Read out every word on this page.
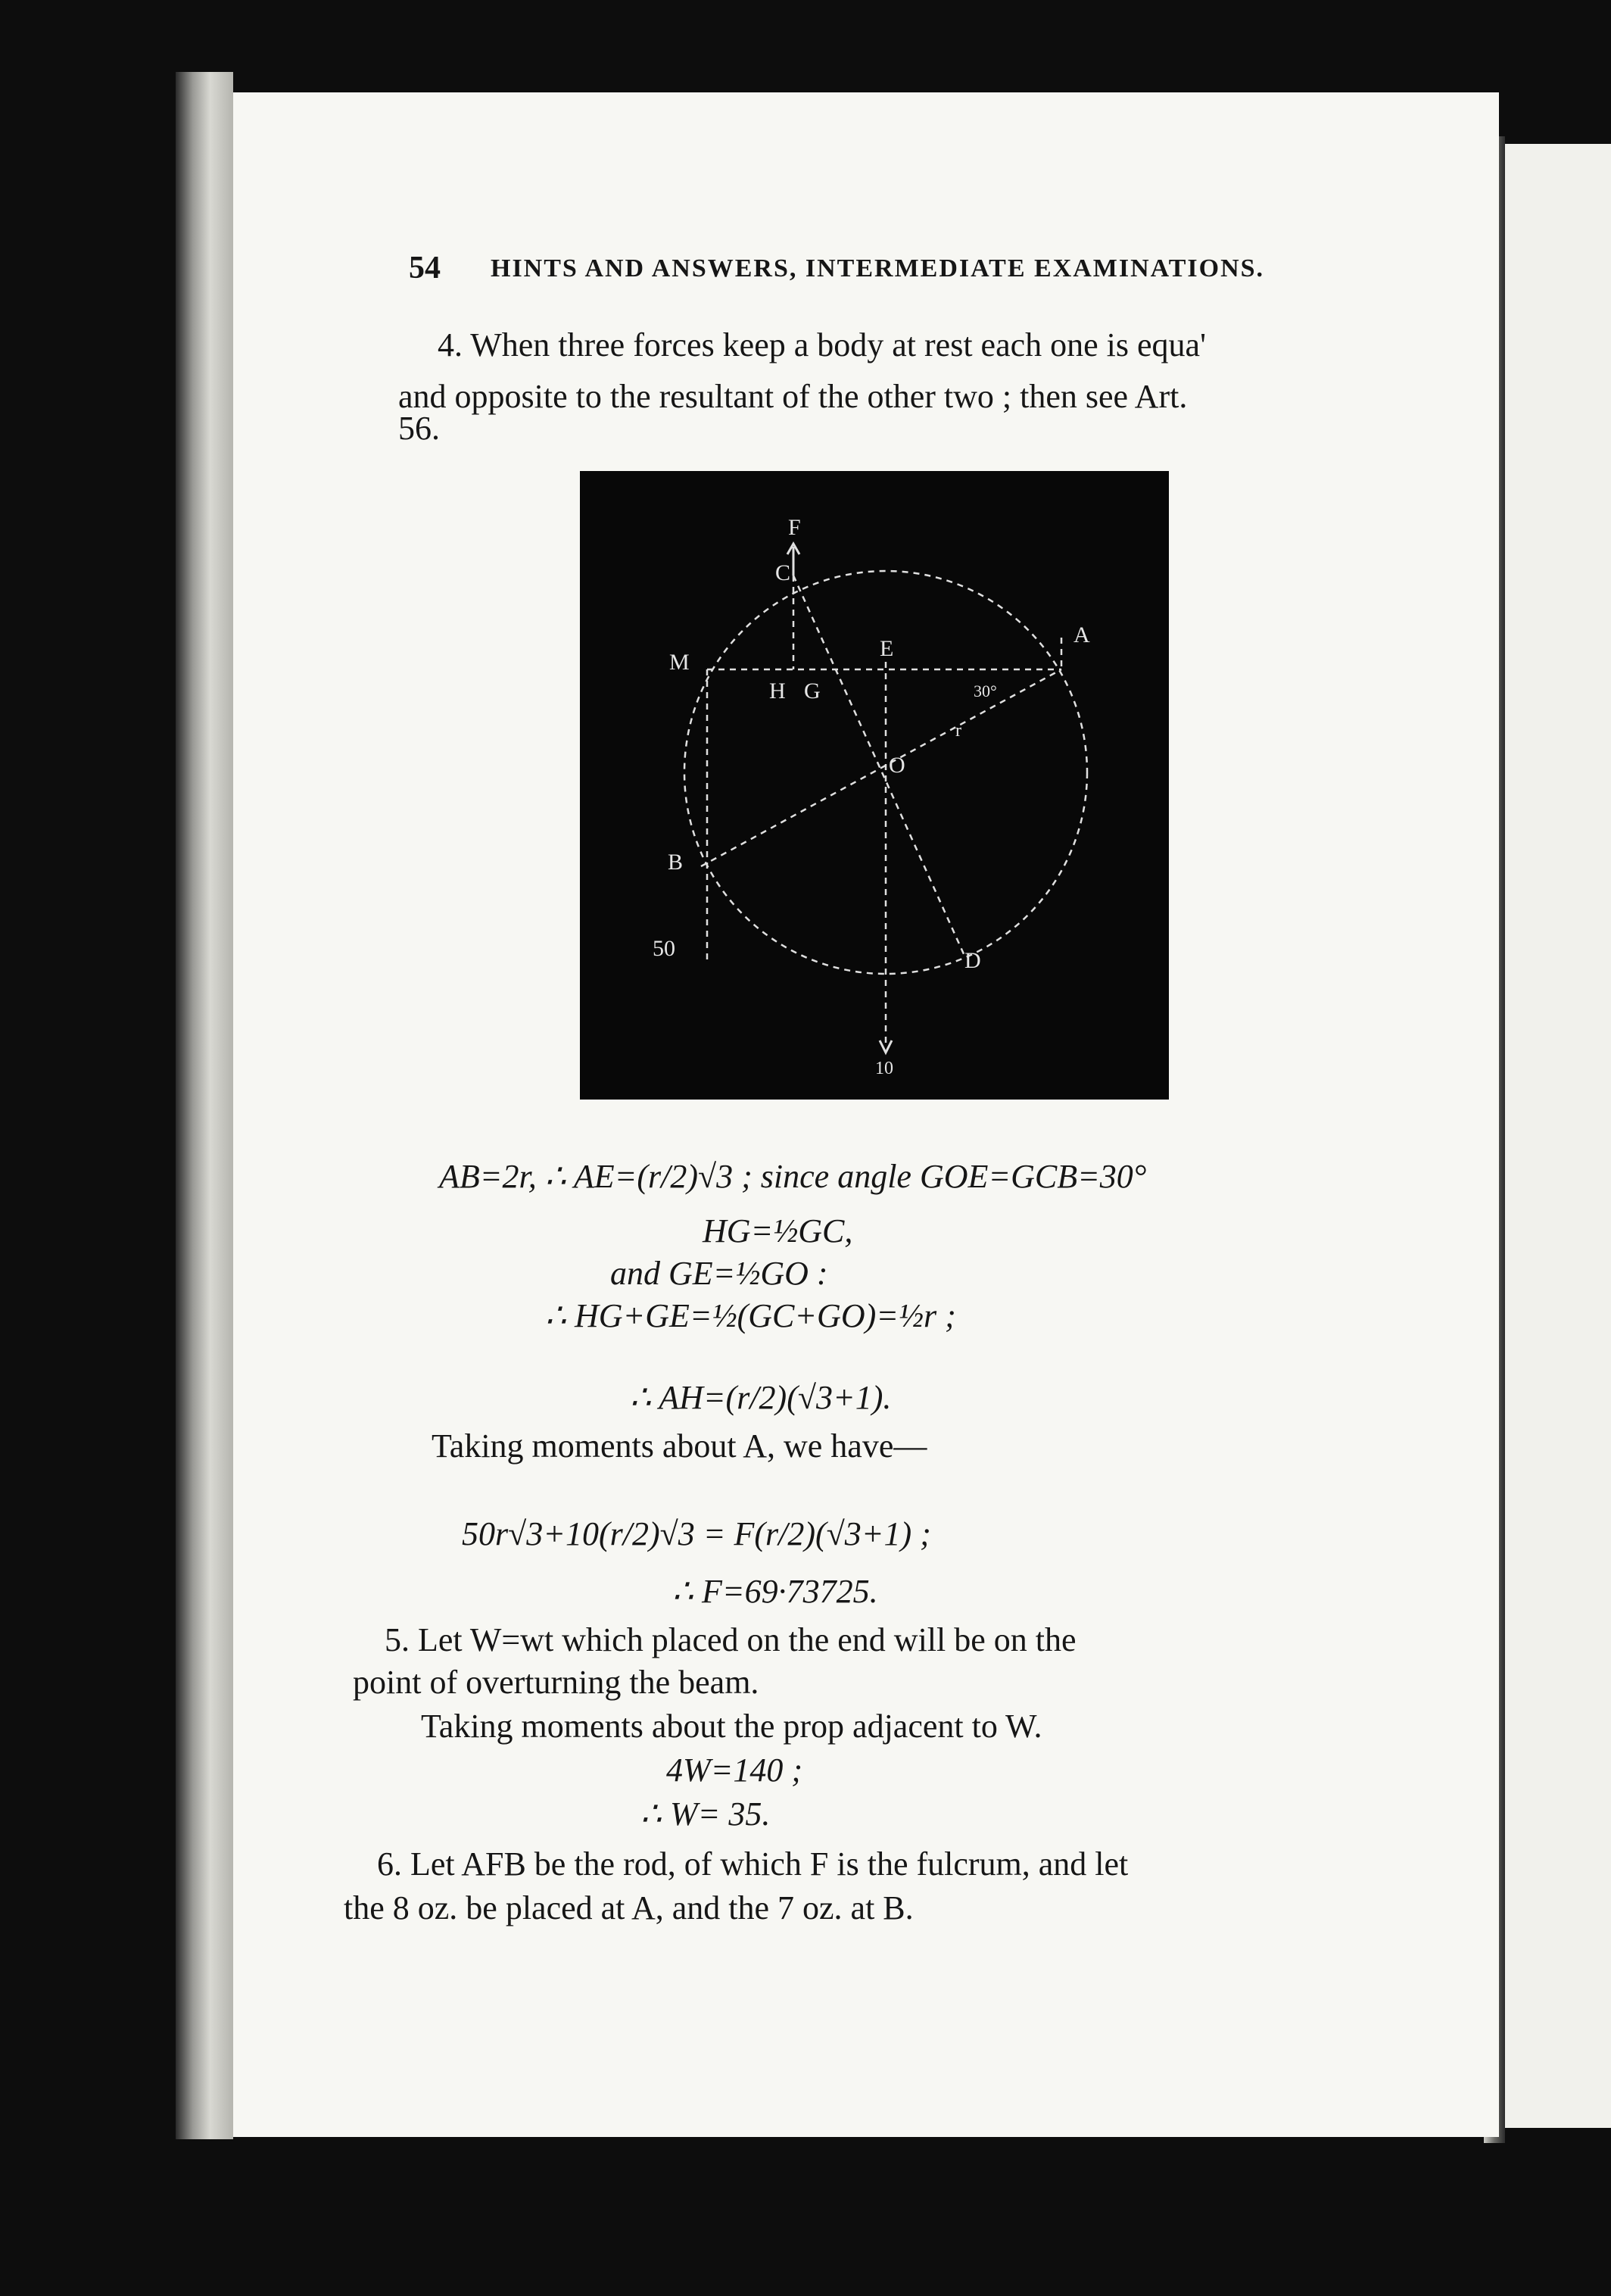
54 HINTS AND ANSWERS, INTERMEDIATE EXAMINATIONS.
4. When three forces keep a body at rest each one is equa'
and opposite to the resultant of the other two ; then see Art.
56.
F
C
M
E
A
H G	30°
r
O
B
50	D
10
AB=2r, ∴ AE=(r/2)√3 ; since angle GOE=GCB=30°
HG=½GC,
and GE=½GO :
∴ HG+GE=½(GC+GO)=½r ;
∴ AH=(r/2)(√3+1).
Taking moments about A, we have—
50r√3+10(r/2)√3 = F(r/2)(√3+1) ;
∴ F=69·73725.
5. Let W=wt which placed on the end will be on the
point of overturning the beam.
Taking moments about the prop adjacent to W.
4W=140 ;
∴ W= 35.
6. Let AFB be the rod, of which F is the fulcrum, and let
the 8 oz. be placed at A, and the 7 oz. at B.
